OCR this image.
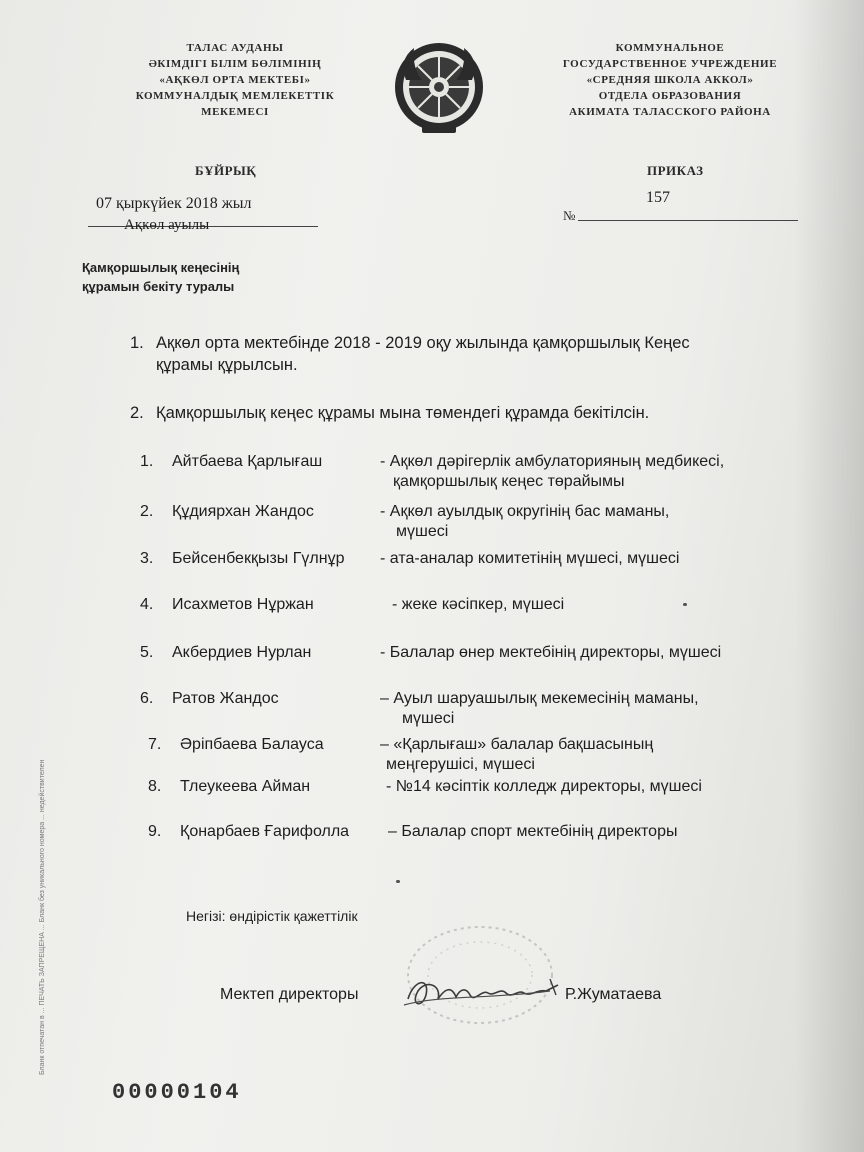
ТАЛАС АУДАНЫ
ӘКІМДІГІ БІЛІМ БӨЛІМІНІҢ
«АҚКӨЛ ОРТА МЕКТЕБІ»
КОММУНАЛДЫҚ МЕМЛЕКЕТТІК
МЕКЕМЕСІ
КОММУНАЛЬНОЕ
ГОСУДАРСТВЕННОЕ УЧРЕЖДЕНИЕ
«СРЕДНЯЯ ШКОЛА АККОЛ»
ОТДЕЛА ОБРАЗОВАНИЯ
АКИМАТА ТАЛАССКОГО РАЙОНА
БҰЙРЫҚ	ПРИКАЗ
07 қыркүйек 2018 жыл
Ақкөл ауылы
157
№
Қамқоршылық кеңесінің
құрамын бекіту туралы
1. Ақкөл орта мектебінде 2018 - 2019 оқу жылында қамқоршылық Кеңес
құрамы құрылсын.
2. Қамқоршылық кеңес құрамы мына төмендегі құрамда бекітілсін.
1. Айтбаева Қарлығаш	- Ақкөл дәрігерлік амбулаторияның медбикесі,
қамқоршылық кеңес төрайымы
2. Құдиярхан Жандос	- Ақкөл ауылдық округінің бас маманы,
мүшесі
3. Бейсенбекқызы Гүлнұр - ата-аналар комитетінің мүшесі, мүшесі
4. Исахметов Нұржан	- жеке кәсіпкер, мүшесі
5. Акбердиев Нурлан	- Балалар өнер мектебінің директоры, мүшесі
6. Ратов Жандос	– Ауыл шаруашылық мекемесінің маманы,
мүшесі
7. Әріпбаева Балауса	– «Қарлығаш» балалар бақшасының
меңгерушісі, мүшесі
8. Тлеукеева Айман	- №14 кәсіптік колледж директоры, мүшесі
9. Қонарбаев Ғарифолла – Балалар спорт мектебінің директоры
Негізі: өндірістік қажеттілік
Мектеп директоры	Р.Жуматаева
00000104
Бланк отпечатан в ... ПЕЧАТЬ ЗАПРЕЩЕНА ... Бланк без уникального номера ... недействителен
